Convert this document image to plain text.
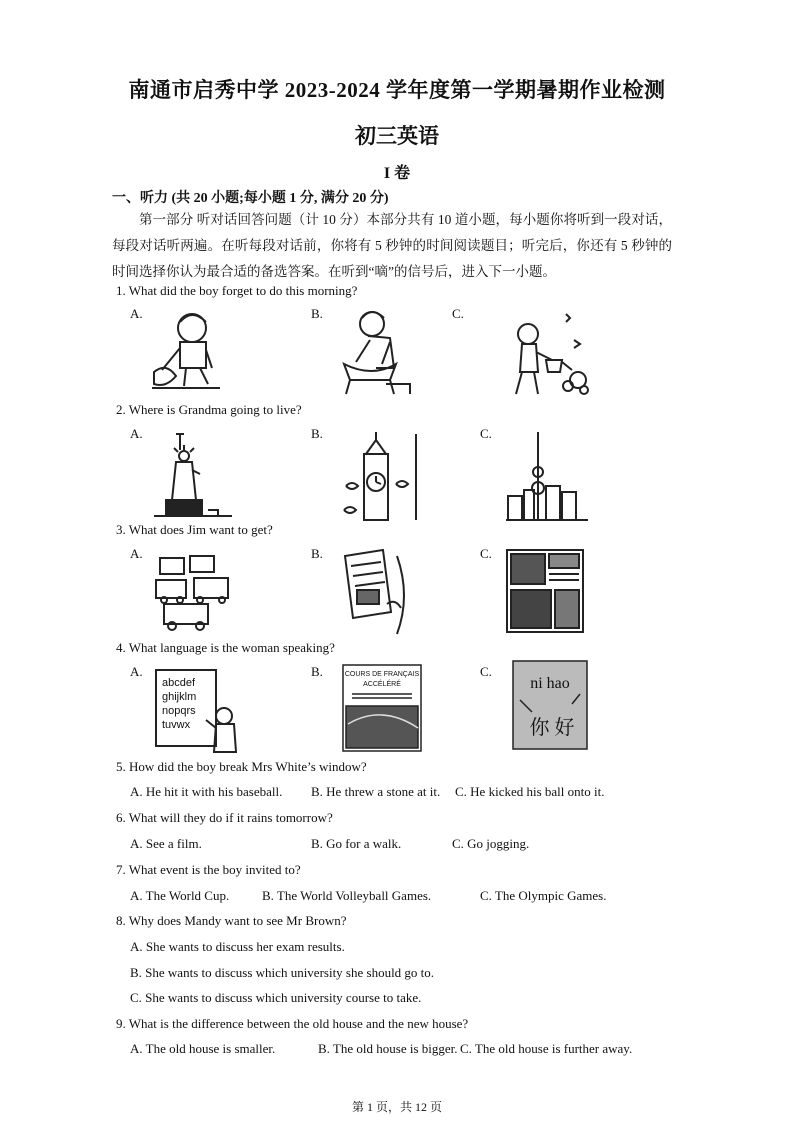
南通市启秀中学 2023-2024 学年度第一学期暑期作业检测
初三英语
I 卷
一、听力 (共 20 小题;每小题 1 分, 满分 20 分)
第一部分 听对话回答问题（计 10 分）本部分共有 10 道小题，每小题你将听到一段对话，每段对话听两遍。在听每段对话前，你将有 5 秒钟的时间阅读题目；听完后，你还有 5 秒钟的时间选择你认为最合适的备选答案。在听到“嘀”的信号后，进入下一小题。
1. What did the boy forget to do this morning?
A.	B.	C.
2. Where is Grandma going to live?
A.	B.	C.
3. What does Jim want to get?
A.	B.	C.
4. What language is the woman speaking?
A.	B.	C.
abcdef
ghijklm
nopqrs
tuvwx
COURS DE FRANÇAIS
ACCÉLÉRÉ	ni hao
你 好
5. How did the boy break Mrs White’s window?
A. He hit it with his baseball. B. He threw a stone at it. C. He kicked his ball onto it.
6. What will they do if it rains tomorrow?
A. See a film.	B. Go for a walk.	C. Go jogging.
7. What event is the boy invited to?
A. The World Cup.	B. The World Volleyball Games.	C. The Olympic Games.
8. Why does Mandy want to see Mr Brown?
A. She wants to discuss her exam results.
B. She wants to discuss which university she should go to.
C. She wants to discuss which university course to take.
9. What is the difference between the old house and the new house?
A. The old house is smaller.	B. The old house is bigger. C. The old house is further away.
第 1 页，共 12 页
